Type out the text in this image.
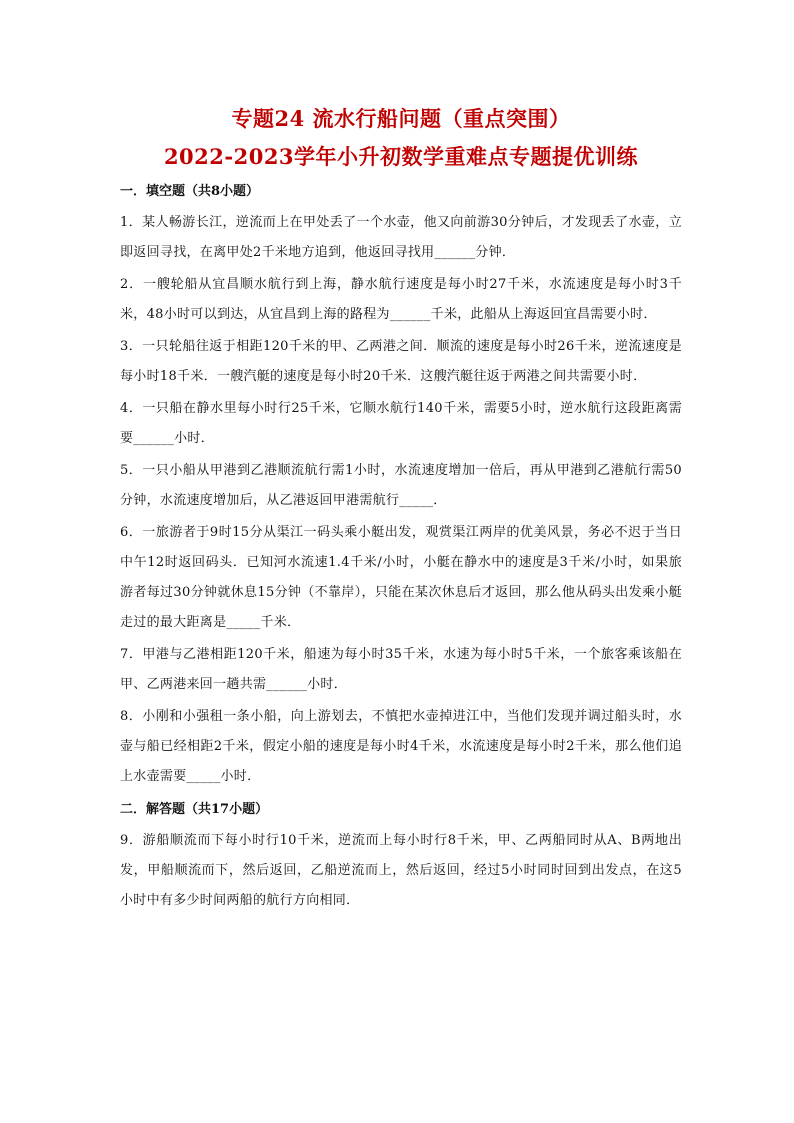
专题24 流水行船问题（重点突围）
2022-2023学年小升初数学重难点专题提优训练
一．填空题（共8小题）

1．某人畅游长江，逆流而上在甲处丢了一个水壶，他又向前游30分钟后，才发现丢了水壶，立即返回寻找，在离甲处2千米地方追到，他返回寻找用______分钟．

2．一艘轮船从宜昌顺水航行到上海，静水航行速度是每小时27千米，水流速度是每小时3千米，48小时可以到达，从宜昌到上海的路程为______千米，此船从上海返回宜昌需要小时．

3．一只轮船往返于相距120千米的甲、乙两港之间．顺流的速度是每小时26千米，逆流速度是每小时18千米．一艘汽艇的速度是每小时20千米．这艘汽艇往返于两港之间共需要小时．

4．一只船在静水里每小时行25千米，它顺水航行140千米，需要5小时，逆水航行这段距离需要______小时．

5．一只小船从甲港到乙港顺流航行需1小时，水流速度增加一倍后，再从甲港到乙港航行需50分钟，水流速度增加后，从乙港返回甲港需航行_____．

6．一旅游者于9时15分从渠江一码头乘小艇出发，观赏渠江两岸的优美风景，务必不迟于当日中午12时返回码头．已知河水流速1.4千米/小时，小艇在静水中的速度是3千米/小时，如果旅游者每过30分钟就休息15分钟（不靠岸），只能在某次休息后才返回，那么他从码头出发乘小艇走过的最大距离是_____千米．

7．甲港与乙港相距120千米，船速为每小时35千米，水速为每小时5千米，一个旅客乘该船在甲、乙两港来回一趟共需______小时．

8．小刚和小强租一条小船，向上游划去，不慎把水壶掉进江中，当他们发现并调过船头时，水壶与船已经相距2千米，假定小船的速度是每小时4千米，水流速度是每小时2千米，那么他们追上水壶需要_____小时．

二．解答题（共17小题）

9．游船顺流而下每小时行10千米，逆流而上每小时行8千米，甲、乙两船同时从A、B两地出发，甲船顺流而下，然后返回，乙船逆流而上，然后返回，经过5小时同时回到出发点，在这5小时中有多少时间两船的航行方向相同．
